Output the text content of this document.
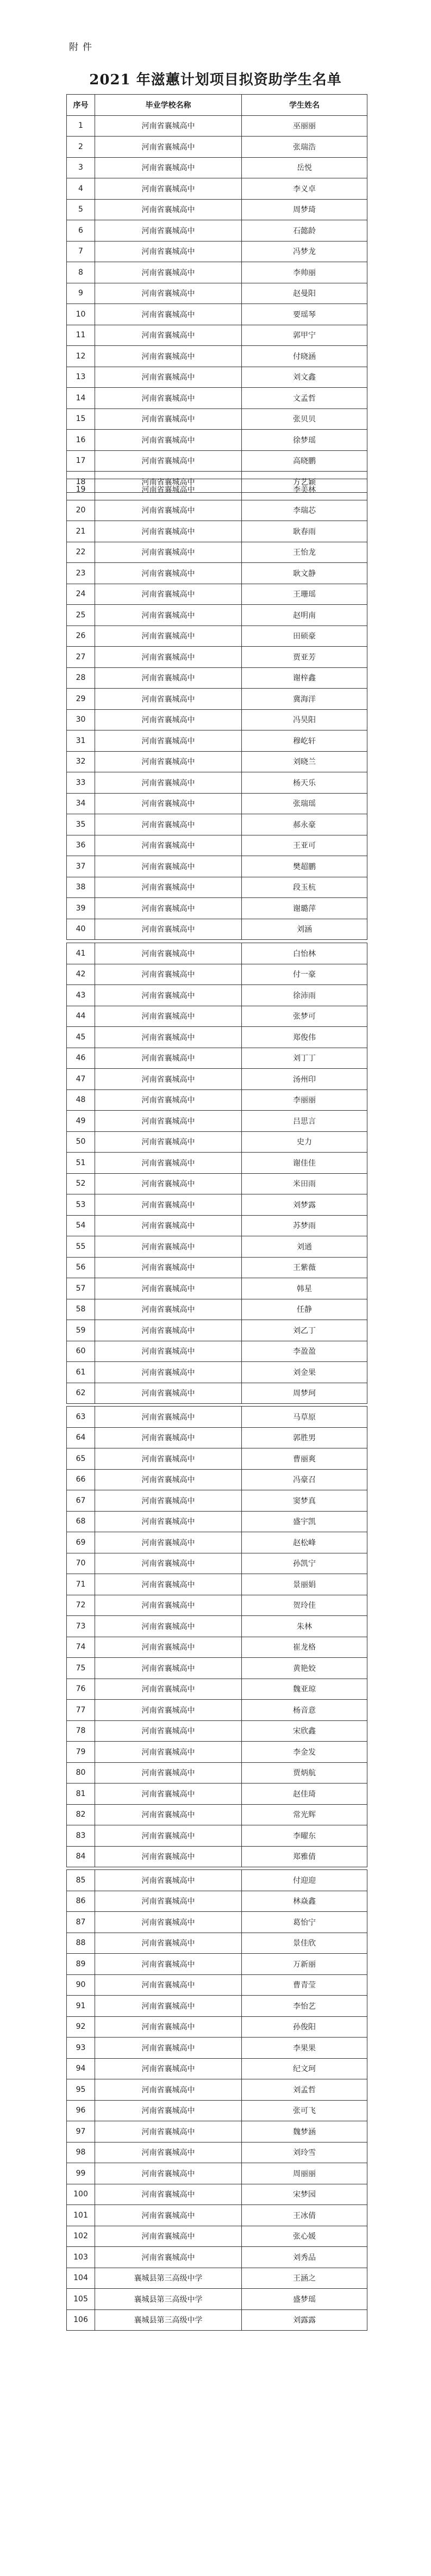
附件
2021 年滋蕙计划项目拟资助学生名单
序号	毕业学校名称	学生姓名
1	河南省襄城高中	巫丽丽
2	河南省襄城高中	张瑞浩
3	河南省襄城高中	岳悦
4	河南省襄城高中	李义卓
5	河南省襄城高中	周梦琦
6	河南省襄城高中	石懿龄
7	河南省襄城高中	冯梦龙
8	河南省襄城高中	李帅丽
9	河南省襄城高中	赵曼阳
10	河南省襄城高中	要瑶琴
11	河南省襄城高中	郭甲宁
12	河南省襄城高中	付晓涵
13	河南省襄城高中	刘文鑫
14	河南省襄城高中	文孟哲
15	河南省襄城高中	张贝贝
16	河南省襄城高中	徐梦瑶
17	河南省襄城高中	高晓鹏
18	河南省襄城高中	方艺颖
19	河南省襄城高中	李美林
20	河南省襄城高中	李瑞芯
21	河南省襄城高中	耿春雨
22	河南省襄城高中	王怡龙
23	河南省襄城高中	耿文静
24	河南省襄城高中	王珊瑶
25	河南省襄城高中	赵明南
26	河南省襄城高中	田硕豪
27	河南省襄城高中	贾亚芳
28	河南省襄城高中	谢梓鑫
29	河南省襄城高中	冀海洋
30	河南省襄城高中	冯昊阳
31	河南省襄城高中	穆屹轩
32	河南省襄城高中	刘晓兰
33	河南省襄城高中	杨天乐
34	河南省襄城高中	张瑞瑶
35	河南省襄城高中	郝永豪
36	河南省襄城高中	王亚可
37	河南省襄城高中	樊超鹏
38	河南省襄城高中	段玉杭
39	河南省襄城高中	谢璐萍
40	河南省襄城高中	刘涵
41	河南省襄城高中	白怡林
42	河南省襄城高中	付一豪
43	河南省襄城高中	徐沛雨
44	河南省襄城高中	张梦可
45	河南省襄城高中	郑俊伟
46	河南省襄城高中	刘丁丁
47	河南省襄城高中	汤州印
48	河南省襄城高中	李丽丽
49	河南省襄城高中	吕思言
50	河南省襄城高中	史力
51	河南省襄城高中	谢佳佳
52	河南省襄城高中	米田雨
53	河南省襄城高中	刘梦露
54	河南省襄城高中	苏梦雨
55	河南省襄城高中	刘通
56	河南省襄城高中	王紫薇
57	河南省襄城高中	韩星
58	河南省襄城高中	任静
59	河南省襄城高中	刘乙丁
60	河南省襄城高中	李盈盈
61	河南省襄城高中	刘金果
62	河南省襄城高中	周梦珂
63	河南省襄城高中	马草原
64	河南省襄城高中	郭胜男
65	河南省襄城高中	曹丽爽
66	河南省襄城高中	冯豪召
67	河南省襄城高中	窦梦真
68	河南省襄城高中	盛宇凯
69	河南省襄城高中	赵松峰
70	河南省襄城高中	孙凯宁
71	河南省襄城高中	景丽娟
72	河南省襄城高中	贺玲佳
73	河南省襄城高中	朱林
74	河南省襄城高中	崔龙格
75	河南省襄城高中	黄艳姣
76	河南省襄城高中	魏亚琼
77	河南省襄城高中	杨音意
78	河南省襄城高中	宋欣鑫
79	河南省襄城高中	李金发
80	河南省襄城高中	贾炳航
81	河南省襄城高中	赵佳琦
82	河南省襄城高中	常光辉
83	河南省襄城高中	李曜东
84	河南省襄城高中	郑雅倩
85	河南省襄城高中	付迎迎
86	河南省襄城高中	林焱鑫
87	河南省襄城高中	葛怡宁
88	河南省襄城高中	景佳欣
89	河南省襄城高中	万新丽
90	河南省襄城高中	曹青莹
91	河南省襄城高中	李怡艺
92	河南省襄城高中	孙俊阳
93	河南省襄城高中	李果果
94	河南省襄城高中	纪文珂
95	河南省襄城高中	刘孟哲
96	河南省襄城高中	张可飞
97	河南省襄城高中	魏梦涵
98	河南省襄城高中	刘玲雪
99	河南省襄城高中	周丽丽
100	河南省襄城高中	宋梦园
101	河南省襄城高中	王冰倩
102	河南省襄城高中	张心媛
103	河南省襄城高中	刘秀品
104	襄城县第三高级中学	王涵之
105	襄城县第三高级中学	盛梦瑶
106	襄城县第三高级中学	刘露露
